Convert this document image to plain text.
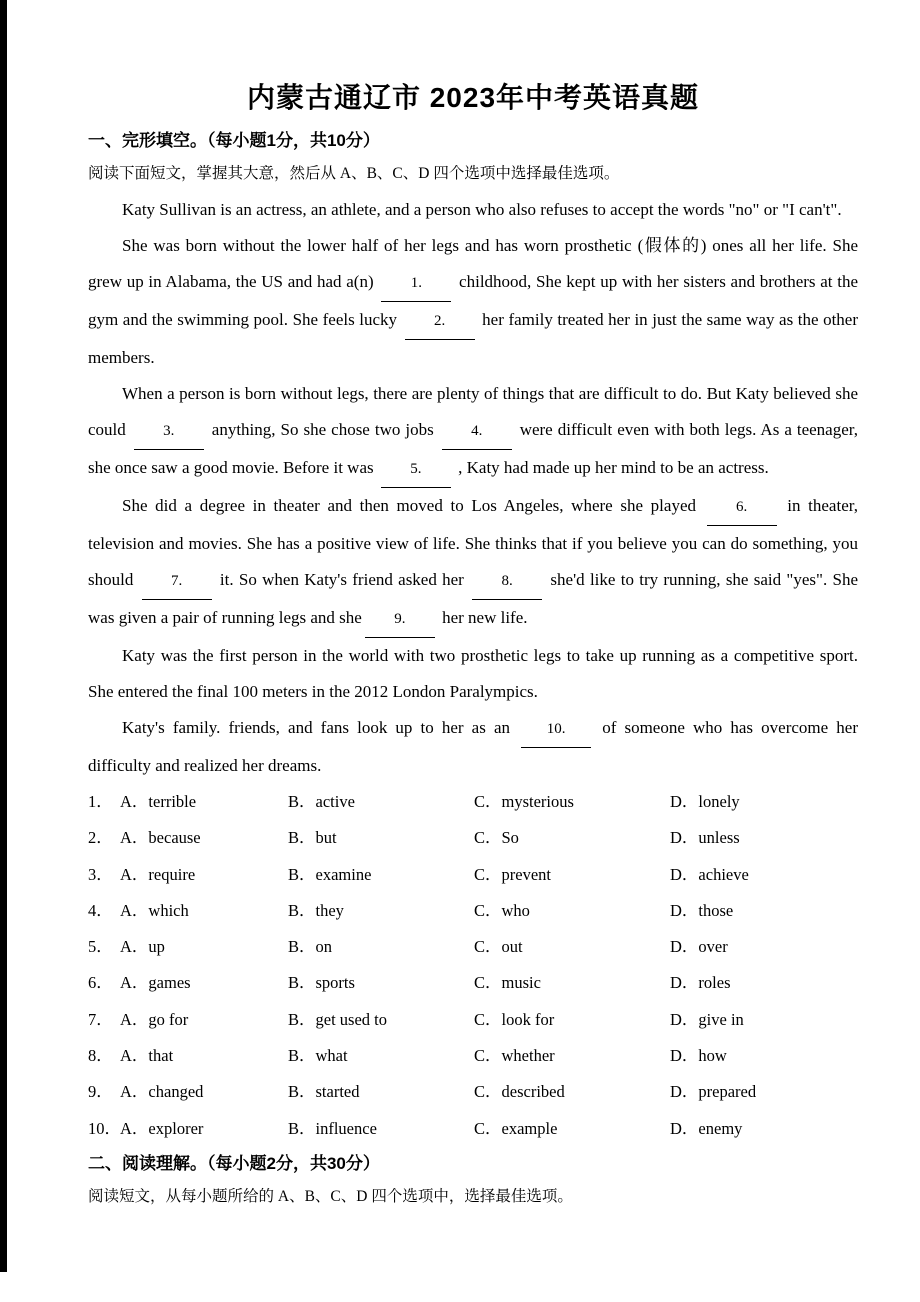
内蒙古通辽市 2023年中考英语真题
一、完形填空。（每小题1分，共10分）
阅读下面短文，掌握其大意，然后从 A、B、C、D 四个选项中选择最佳选项。

Katy Sullivan is an actress, an athlete, and a person who also refuses to accept the words "no" or "I can't".

She was born without the lower half of her legs and has worn prosthetic (假体的) ones all her life. She grew up in Alabama, the US and had a(n) 1. childhood, She kept up with her sisters and brothers at the gym and the swimming pool. She feels lucky 2. her family treated her in just the same way as the other members.

When a person is born without legs, there are plenty of things that are difficult to do. But Katy believed she could 3. anything, So she chose two jobs 4. were difficult even with both legs. As a teenager, she once saw a good movie. Before it was 5. , Katy had made up her mind to be an actress.

She did a degree in theater and then moved to Los Angeles, where she played 6. in theater, television and movies. She has a positive view of life. She thinks that if you believe you can do something, you should 7. it. So when Katy's friend asked her 8. she'd like to try running, she said "yes". She was given a pair of running legs and she 9. her new life.

Katy was the first person in the world with two prosthetic legs to take up running as a competitive sport. She entered the final 100 meters in the 2012 London Paralympics.

Katy's family. friends, and fans look up to her as an 10. of someone who has overcome her difficulty and realized her dreams.

1． A．terrible	B．active	C．mysterious	D．lonely
2． A．because	B．but	C．So	D．unless
3． A．require	B．examine	C．prevent	D．achieve
4． A．which	B．they	C．who	D．those
5． A．up	B．on	C．out	D．over
6． A．games	B．sports	C．music	D．roles
7． A．go for	B．get used to	C．look for	D．give in
8． A．that	B．what	C．whether	D．how
9． A．changed	B．started	C．described	D．prepared
10． A．explorer	B．influence	C．example	D．enemy
二、阅读理解。（每小题2分，共30分）
阅读短文，从每小题所给的 A、B、C、D 四个选项中，选择最佳选项。
